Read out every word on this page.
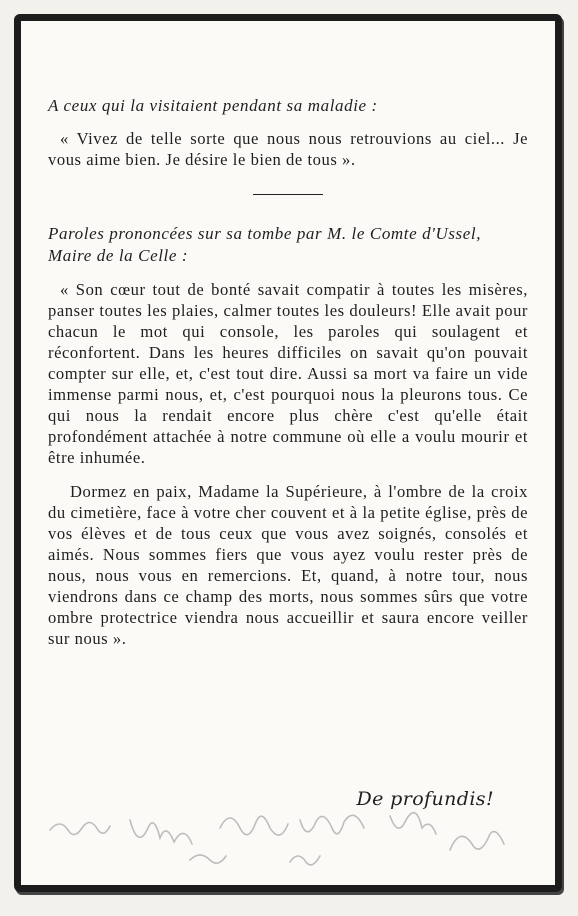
A ceux qui la visitaient pendant sa maladie :

« Vivez de telle sorte que nous nous retrouvions au ciel... Je vous aime bien. Je désire le bien de tous ».

Paroles prononcées sur sa tombe par M. le Comte d'Ussel, Maire de la Celle :

« Son cœur tout de bonté savait compatir à toutes les misères, panser toutes les plaies, calmer toutes les douleurs! Elle avait pour chacun le mot qui console, les paroles qui soulagent et réconfortent. Dans les heures difficiles on savait qu'on pouvait compter sur elle, et, c'est tout dire. Aussi sa mort va faire un vide immense parmi nous, et, c'est pourquoi nous la pleurons tous. Ce qui nous la rendait encore plus chère c'est qu'elle était profondément attachée à notre commune où elle a voulu mourir et être inhumée.

Dormez en paix, Madame la Supérieure, à l'ombre de la croix du cimetière, face à votre cher couvent et à la petite église, près de vos élèves et de tous ceux que vous avez soignés, consolés et aimés. Nous sommes fiers que vous ayez voulu rester près de nous, nous vous en remercions. Et, quand, à notre tour, nous viendrons dans ce champ des morts, nous sommes sûrs que votre ombre protectrice viendra nous accueillir et saura encore veiller sur nous ».

De profundis!
